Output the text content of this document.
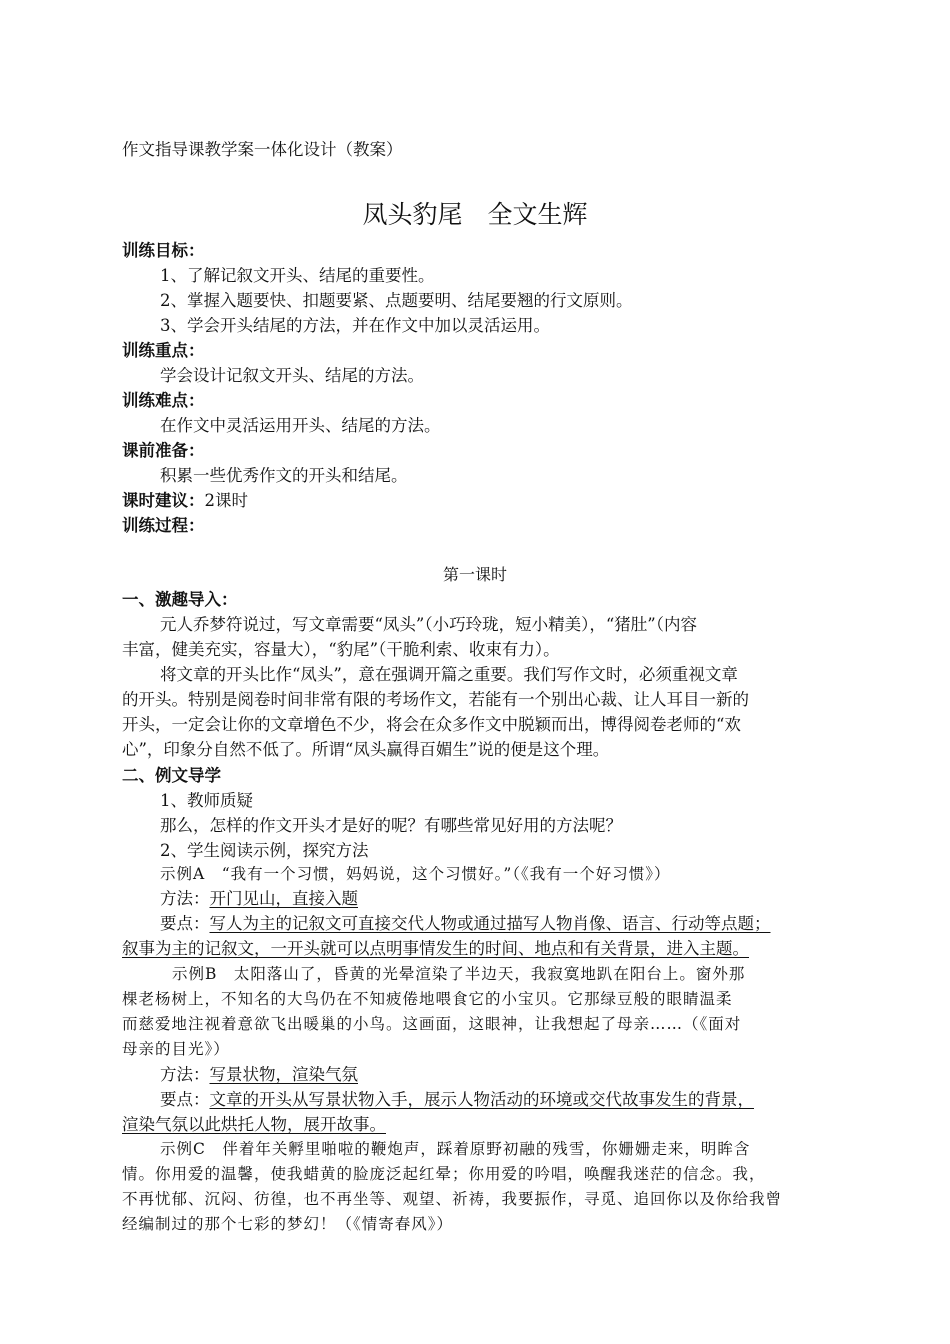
作文指导课教学案一体化设计（教案）
凤头豹尾　全文生辉
训练目标：
1、了解记叙文开头、结尾的重要性。
2、掌握入题要快、扣题要紧、点题要明、结尾要翘的行文原则。
3、学会开头结尾的方法，并在作文中加以灵活运用。
训练重点：
学会设计记叙文开头、结尾的方法。
训练难点：
在作文中灵活运用开头、结尾的方法。
课前准备：
积累一些优秀作文的开头和结尾。
课时建议：2课时
训练过程：
第一课时
一、激趣导入：
元人乔梦符说过，写文章需要“凤头”（小巧玲珑，短小精美），“猪肚”（内容
丰富，健美充实，容量大），“豹尾”（干脆利索、收束有力）。
将文章的开头比作“凤头”，意在强调开篇之重要。我们写作文时，必须重视文章
的开头。特别是阅卷时间非常有限的考场作文，若能有一个别出心裁、让人耳目一新的
开头，一定会让你的文章增色不少，将会在众多作文中脱颖而出，博得阅卷老师的“欢
心”，印象分自然不低了。所谓“凤头赢得百媚生”说的便是这个理。
二、例文导学
1、教师质疑
那么，怎样的作文开头才是好的呢？有哪些常见好用的方法呢？
2、学生阅读示例，探究方法
示例A　“我有一个习惯，妈妈说，这个习惯好。”（《我有一个好习惯》）
方法：开门见山，直接入题
要点：写人为主的记叙文可直接交代人物或通过描写人物肖像、语言、行动等点题；
叙事为主的记叙文，一开头就可以点明事情发生的时间、地点和有关背景，进入主题。
示例B　太阳落山了，昏黄的光晕渲染了半边天，我寂寞地趴在阳台上。窗外那
棵老杨树上，不知名的大鸟仍在不知疲倦地喂食它的小宝贝。它那绿豆般的眼睛温柔
而慈爱地注视着意欲飞出暖巢的小鸟。这画面，这眼神，让我想起了母亲……（《面对
母亲的目光》）
方法：写景状物，渲染气氛
要点：文章的开头从写景状物入手，展示人物活动的环境或交代故事发生的背景，
渲染气氛以此烘托人物，展开故事。
示例C　伴着年关孵里啪啦的鞭炮声，踩着原野初融的残雪，你姗姗走来，明眸含
情。你用爱的温馨，使我蜡黄的脸庞泛起红晕；你用爱的吟唱，唤醒我迷茫的信念。我，
不再忧郁、沉闷、彷徨，也不再坐等、观望、祈祷，我要振作，寻觅、追回你以及你给我曾
经编制过的那个七彩的梦幻！（《情寄春风》）
